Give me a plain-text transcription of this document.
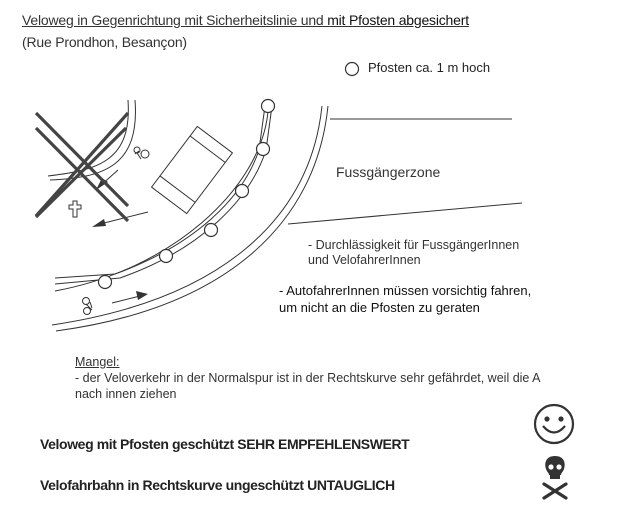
Veloweg in Gegenrichtung mit Sicherheitslinie und mit Pfosten abgesichert
(Rue Prondhon, Besançon)
Pfosten ca. 1 m hoch
Fussgängerzone
- Durchlässigkeit für FussgängerInnen
und VelofahrerInnen
- AutofahrerInnen müssen vorsichtig fahren,
um nicht an die Pfosten zu geraten
Mangel:
- der Veloverkehr in der Normalspur ist in der Rechtskurve sehr gefährdet, weil die A
nach innen ziehen
Veloweg mit Pfosten geschützt SEHR EMPFEHLENSWERT
Velofahrbahn in Rechtskurve ungeschützt UNTAUGLICH
